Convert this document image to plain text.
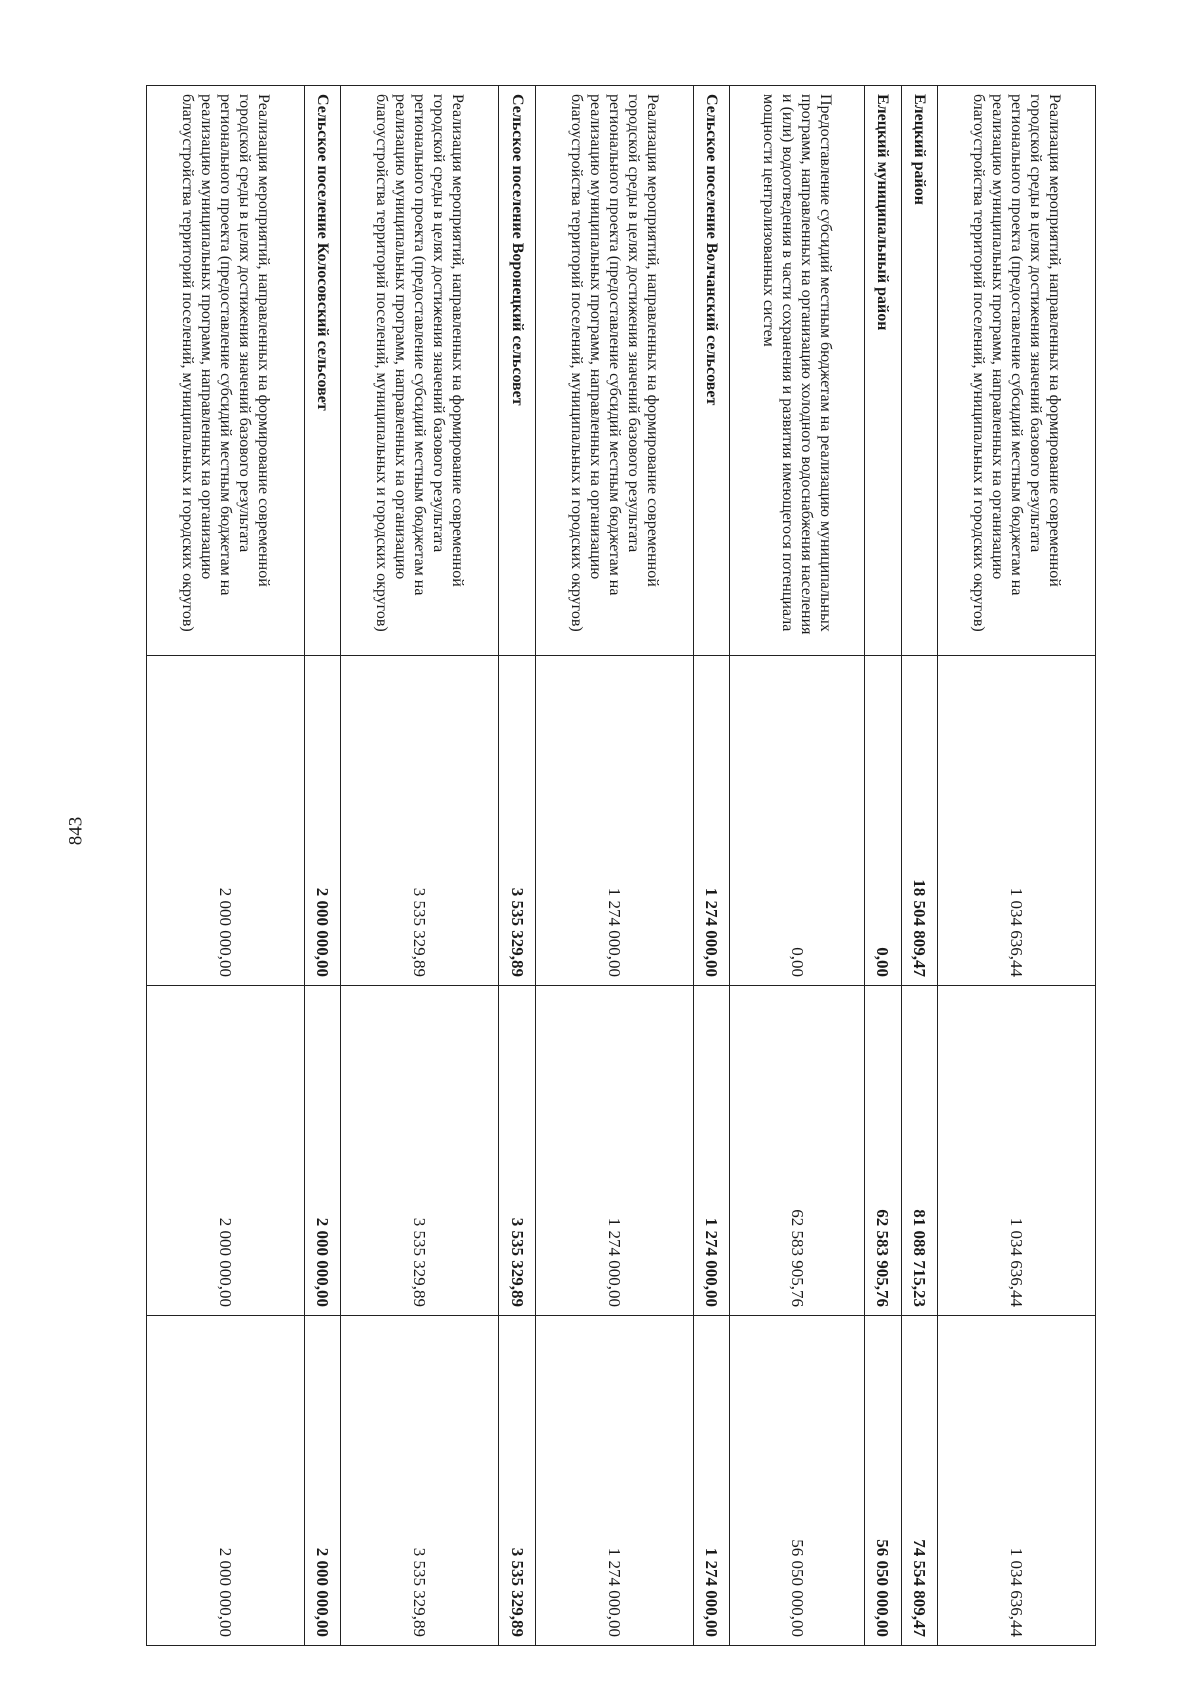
843
Реализация мероприятий, направленных на формирование современной городской среды в целях достижения значений базового результата регионального проекта (предоставление субсидий местным бюджетам на реализацию муниципальных программ, направленных на организацию благоустройства территорий поселений, муниципальных и городских округов)	1 034 636,44	1 034 636,44	1 034 636,44
Елецкий район	18 504 809,47	81 088 715,23	74 554 809,47
Елецкий муниципальный район	0,00	62 583 905,76	56 050 000,00
Предоставление субсидий местным бюджетам на реализацию муниципальных программ, направленных на организацию холодного водоснабжения населения и (или) водоотведения в части сохранения и развития имеющегося потенциала мощности централизованных систем	0,00	62 583 905,76	56 050 000,00
Сельское поселение Волчанский сельсовет	1 274 000,00	1 274 000,00	1 274 000,00
Реализация мероприятий, направленных на формирование современной городской среды в целях достижения значений базового результата регионального проекта (предоставление субсидий местным бюджетам на реализацию муниципальных программ, направленных на организацию благоустройства территорий поселений, муниципальных и городских округов)	1 274 000,00	1 274 000,00	1 274 000,00
Сельское поселение Воронецкий сельсовет	3 535 329,89	3 535 329,89	3 535 329,89
Реализация мероприятий, направленных на формирование современной городской среды в целях достижения значений базового результата регионального проекта (предоставление субсидий местным бюджетам на реализацию муниципальных программ, направленных на организацию благоустройства территорий поселений, муниципальных и городских округов)	3 535 329,89	3 535 329,89	3 535 329,89
Сельское поселение Колосовский сельсовет	2 000 000,00	2 000 000,00	2 000 000,00
Реализация мероприятий, направленных на формирование современной городской среды в целях достижения значений базового результата регионального проекта (предоставление субсидий местным бюджетам на реализацию муниципальных программ, направленных на организацию благоустройства территорий поселений, муниципальных и городских округов)	2 000 000,00	2 000 000,00	2 000 000,00
